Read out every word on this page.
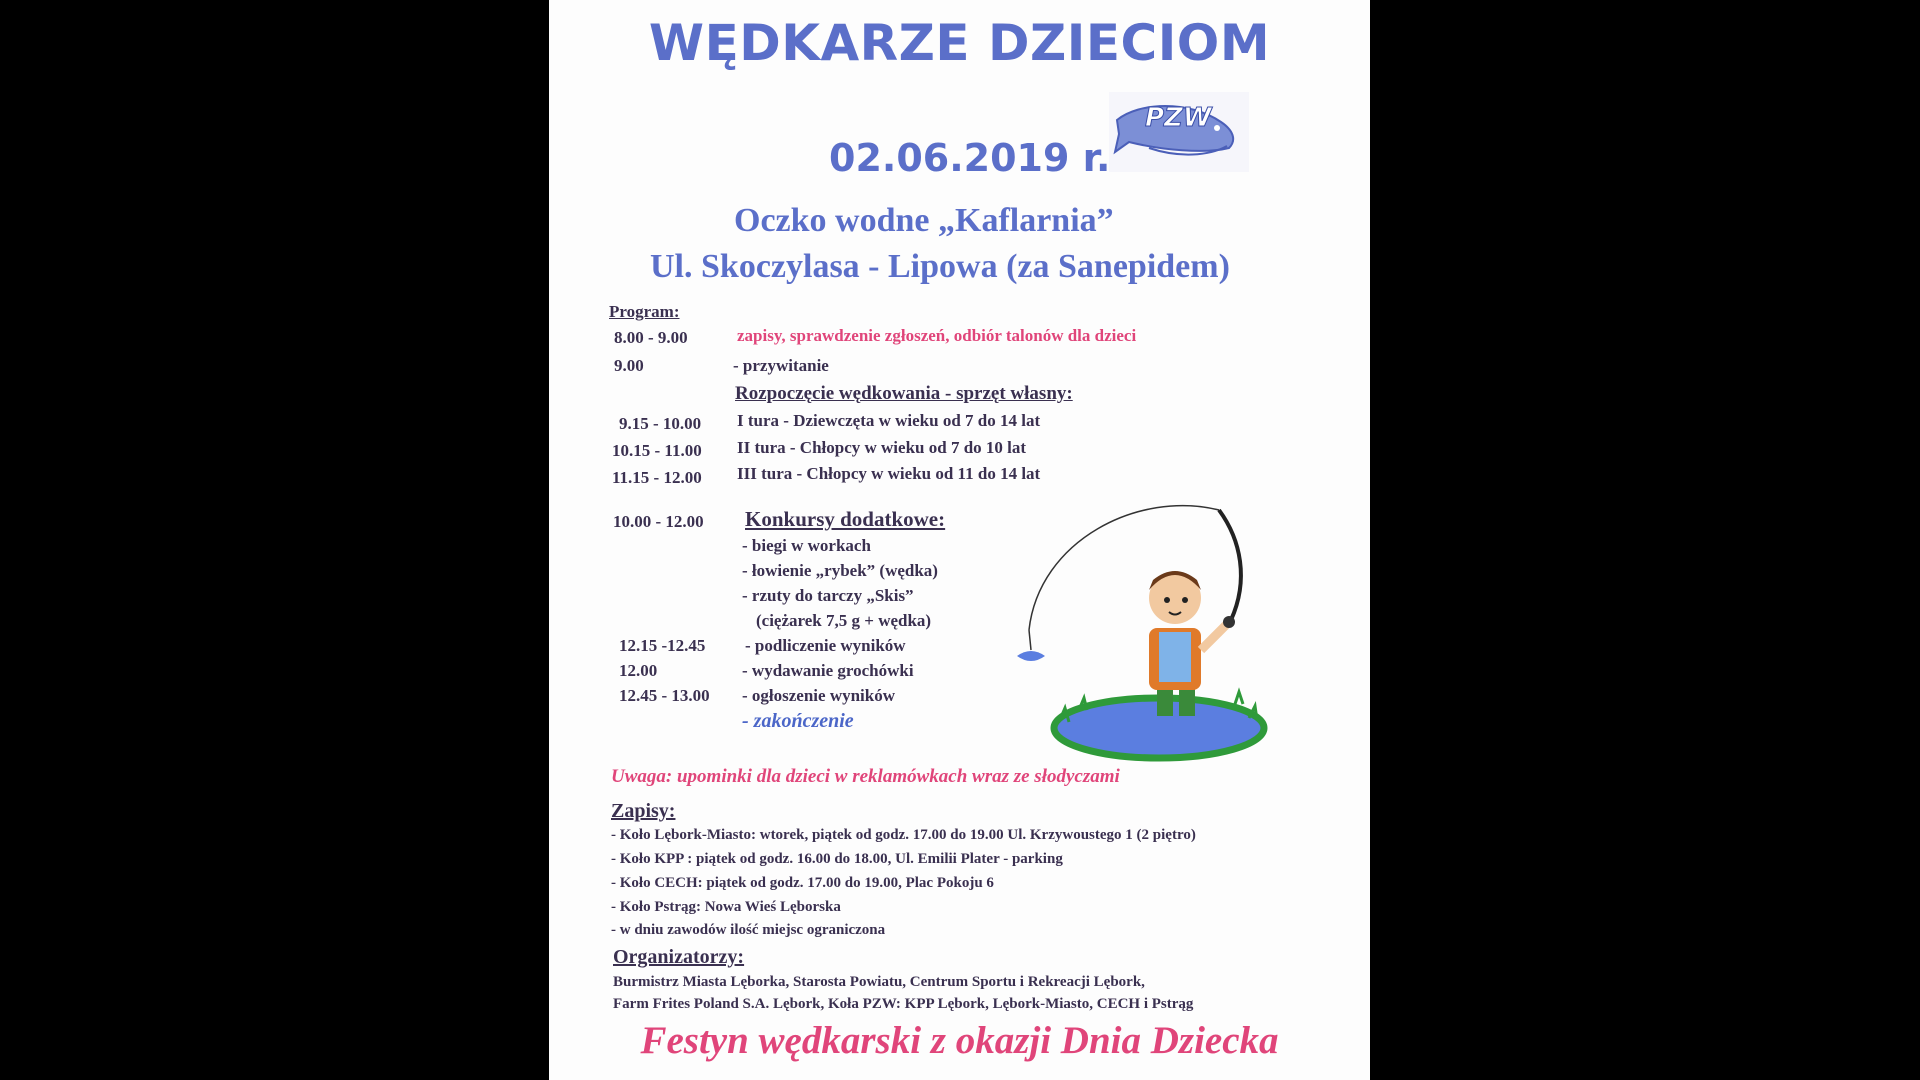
WĘDKARZE DZIECIOM
PZW
02.06.2019 r.
Oczko wodne „Kaflarnia”
Ul. Skoczylasa - Lipowa (za Sanepidem)
Program:
8.00 - 9.00	zapisy, sprawdzenie zgłoszeń, odbiór talonów dla dzieci
9.00	- przywitanie
Rozpoczęcie wędkowania - sprzęt własny:
9.15 - 10.00 I tura - Dziewczęta w wieku od 7 do 14 lat
10.15 - 11.00 II tura - Chłopcy w wieku od 7 do 10 lat
11.15 - 12.00 III tura - Chłopcy w wieku od 11 do 14 lat
10.00 - 12.00 Konkursy dodatkowe:
- biegi w workach
- łowienie „rybek” (wędka)
- rzuty do tarczy „Skis”
(ciężarek 7,5 g + wędka)
12.15 -12.45 - podliczenie wyników
12.00	- wydawanie grochówki
12.45 - 13.00 - ogłoszenie wyników
- zakończenie
Uwaga: upominki dla dzieci w reklamówkach wraz ze słodyczami
Zapisy:
- Koło Lębork-Miasto: wtorek, piątek od godz. 17.00 do 19.00 Ul. Krzywoustego 1 (2 piętro)
- Koło KPP : piątek od godz. 16.00 do 18.00, Ul. Emilii Plater - parking
- Koło CECH: piątek od godz. 17.00 do 19.00, Plac Pokoju 6
- Koło Pstrąg: Nowa Wieś Lęborska
- w dniu zawodów ilość miejsc ograniczona
Organizatorzy:
Burmistrz Miasta Lęborka, Starosta Powiatu, Centrum Sportu i Rekreacji Lębork,
Farm Frites Poland S.A. Lębork, Koła PZW: KPP Lębork, Lębork-Miasto, CECH i Pstrąg
Festyn wędkarski z okazji Dnia Dziecka
